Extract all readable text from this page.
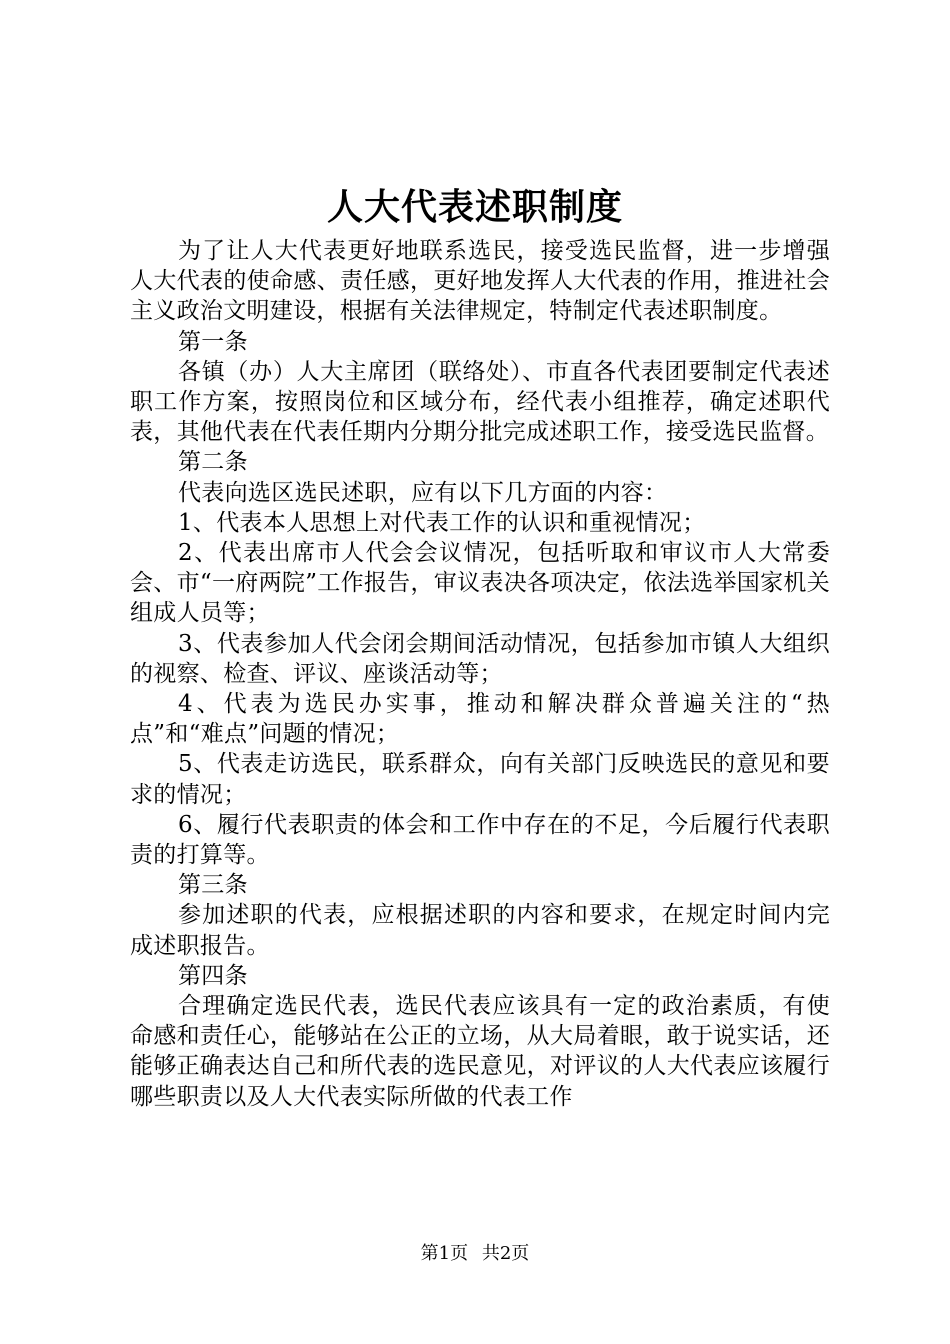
人大代表述职制度

为了让人大代表更好地联系选民，接受选民监督，进一步增强人大代表的使命感、责任感，更好地发挥人大代表的作用，推进社会主义政治文明建设，根据有关法律规定，特制定代表述职制度。

第一条

各镇（办）人大主席团（联络处）、市直各代表团要制定代表述职工作方案，按照岗位和区域分布，经代表小组推荐，确定述职代表，其他代表在代表任期内分期分批完成述职工作，接受选民监督。

第二条

代表向选区选民述职，应有以下几方面的内容：

1、代表本人思想上对代表工作的认识和重视情况；

2、代表出席市人代会会议情况，包括听取和审议市人大常委会、市“一府两院”工作报告，审议表决各项决定，依法选举国家机关组成人员等；

3、代表参加人代会闭会期间活动情况，包括参加市镇人大组织的视察、检查、评议、座谈活动等；

4、代表为选民办实事，推动和解决群众普遍关注的“热点”和“难点”问题的情况；

5、代表走访选民，联系群众，向有关部门反映选民的意见和要求的情况；

6、履行代表职责的体会和工作中存在的不足，今后履行代表职责的打算等。

第三条

参加述职的代表，应根据述职的内容和要求，在规定时间内完成述职报告。

第四条

合理确定选民代表，选民代表应该具有一定的政治素质，有使命感和责任心，能够站在公正的立场，从大局着眼，敢于说实话，还能够正确表达自己和所代表的选民意见，对评议的人大代表应该履行哪些职责以及人大代表实际所做的代表工作

第1页 共2页
